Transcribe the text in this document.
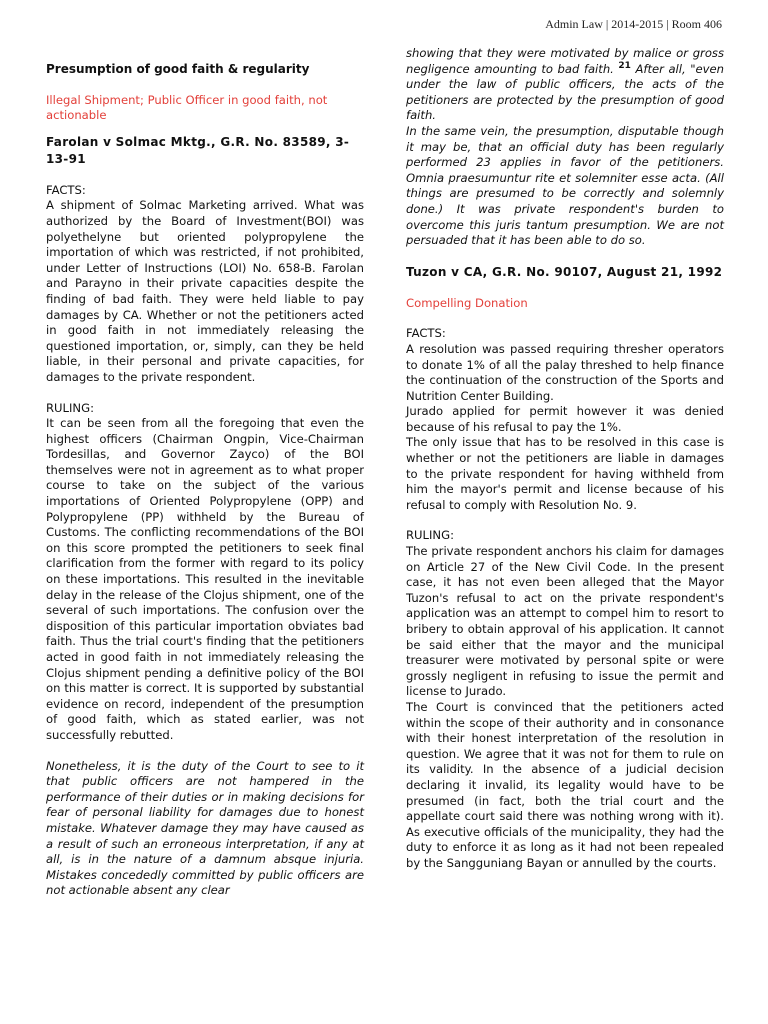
Admin Law | 2014-2015 | Room 406

Presumption of good faith & regularity

Illegal Shipment; Public Officer in good faith, not actionable

Farolan v Solmac Mktg., G.R. No. 83589, 3-13-91

FACTS:

A shipment of Solmac Marketing arrived. What was authorized by the Board of Investment(BOI) was polyethelyne but oriented polypropylene the importation of which was restricted, if not prohibited, under Letter of Instructions (LOI) No. 658-B. Farolan and Parayno in their private capacities despite the finding of bad faith. They were held liable to pay damages by CA. Whether or not the petitioners acted in good faith in not immediately releasing the questioned importation, or, simply, can they be held liable, in their personal and private capacities, for damages to the private respondent.

RULING:

It can be seen from all the foregoing that even the highest officers (Chairman Ongpin, Vice-Chairman Tordesillas, and Governor Zayco) of the BOI themselves were not in agreement as to what proper course to take on the subject of the various importations of Oriented Polypropylene (OPP) and Polypropylene (PP) withheld by the Bureau of Customs. The conflicting recommendations of the BOI on this score prompted the petitioners to seek final clarification from the former with regard to its policy on these importations. This resulted in the inevitable delay in the release of the Clojus shipment, one of the several of such importations. The confusion over the disposition of this particular importation obviates bad faith. Thus the trial court's finding that the petitioners acted in good faith in not immediately releasing the Clojus shipment pending a definitive policy of the BOI on this matter is correct. It is supported by substantial evidence on record, independent of the presumption of good faith, which as stated earlier, was not successfully rebutted.

Nonetheless, it is the duty of the Court to see to it that public officers are not hampered in the performance of their duties or in making decisions for fear of personal liability for damages due to honest mistake. Whatever damage they may have caused as a result of such an erroneous interpretation, if any at all, is in the nature of a damnum absque injuria. Mistakes concededly committed by public officers are not actionable absent any clear

showing that they were motivated by malice or gross negligence amounting to bad faith. $^{21}$ After all, "even under the law of public officers, the acts of the petitioners are protected by the presumption of good faith.

In the same vein, the presumption, disputable though it may be, that an official duty has been regularly performed 23 applies in favor of the petitioners. Omnia praesumuntur rite et solemniter esse acta. (All things are presumed to be correctly and solemnly done.) It was private respondent's burden to overcome this juris tantum presumption. We are not persuaded that it has been able to do so.

Tuzon v CA, G.R. No. 90107, August 21, 1992

Compelling Donation

FACTS:

A resolution was passed requiring thresher operators to donate 1% of all the palay threshed to help finance the continuation of the construction of the Sports and Nutrition Center Building.

Jurado applied for permit however it was denied because of his refusal to pay the 1%.

The only issue that has to be resolved in this case is whether or not the petitioners are liable in damages to the private respondent for having withheld from him the mayor's permit and license because of his refusal to comply with Resolution No. 9.

RULING:

The private respondent anchors his claim for damages on Article 27 of the New Civil Code. In the present case, it has not even been alleged that the Mayor Tuzon's refusal to act on the private respondent's application was an attempt to compel him to resort to bribery to obtain approval of his application. It cannot be said either that the mayor and the municipal treasurer were motivated by personal spite or were grossly negligent in refusing to issue the permit and license to Jurado.

The Court is convinced that the petitioners acted within the scope of their authority and in consonance with their honest interpretation of the resolution in question. We agree that it was not for them to rule on its validity. In the absence of a judicial decision declaring it invalid, its legality would have to be presumed (in fact, both the trial court and the appellate court said there was nothing wrong with it). As executive officials of the municipality, they had the duty to enforce it as long as it had not been repealed by the Sangguniang Bayan or annulled by the courts.
